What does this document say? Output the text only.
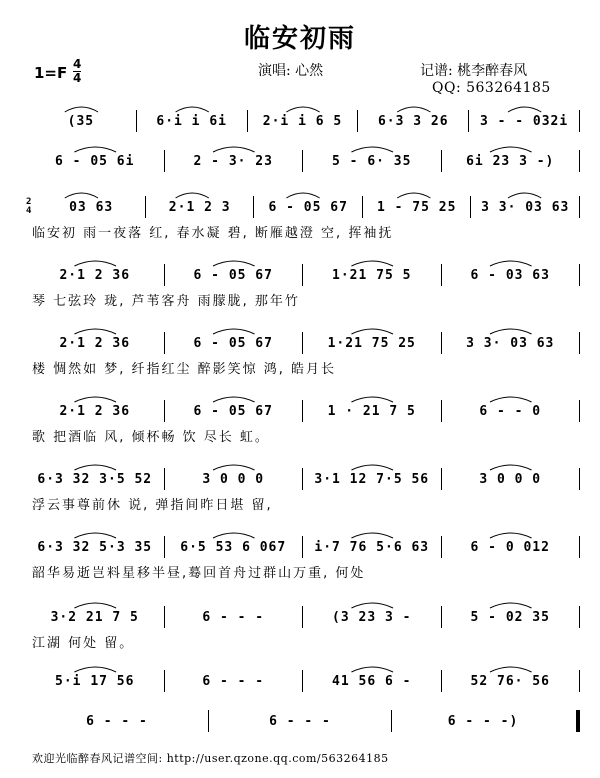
临安初雨
1=F 4
4	演唱: 心然	记谱: 桃李醉春风
QQ: 563264185
(35	6·i i 6i	2·i i 6 5	6·3 3 26	3 - - 032i
6 - 05 6i	2 - 3· 23	5 - 6· 35	6i 23 3 -)
2
4	03 63	2·1 2 3	6 - 05 67	1 - 75 25	3 3· 03 63
临安初 雨一夜落 红, 春水凝 碧, 断雁越澄 空, 挥袖抚
2·1 2 36	6 - 05 67	1·21 75 5	6 - 03 63
琴 七弦玲 珑, 芦苇客舟 雨朦胧, 那年竹
2·1 2 36	6 - 05 67	1·21 75 25	3 3· 03 63
楼 惆然如 梦, 纤指红尘 醉影笑惊 鸿, 皓月长
2·1 2 36	6 - 05 67	1 · 21 7 5	6 - - 0
歌 把酒临 风, 倾杯畅 饮 尽长 虹。
6·3 32 3·5 52	3 0 0 0	3·1 12 7·5 56	3 0 0 0
浮云事尊前休 说, 弹指间昨日堪 留,
6·3 32 5·3 35	6·5 53 6 067	i·7 76 5·6 63	6 - 0 012
韶华易逝岂料星移半昼,蓦回首舟过群山万重, 何处
3·2 21 7 5	6 - - -	(3 23 3 -	5 - 02 35
江湖 何处 留。
5·i 17 56	6 - - -	41 56 6 -	52 76· 56
6 - - -	6 - - -	6 - - -)
欢迎光临醉春风记谱空间: http://user.qzone.qq.com/563264185
